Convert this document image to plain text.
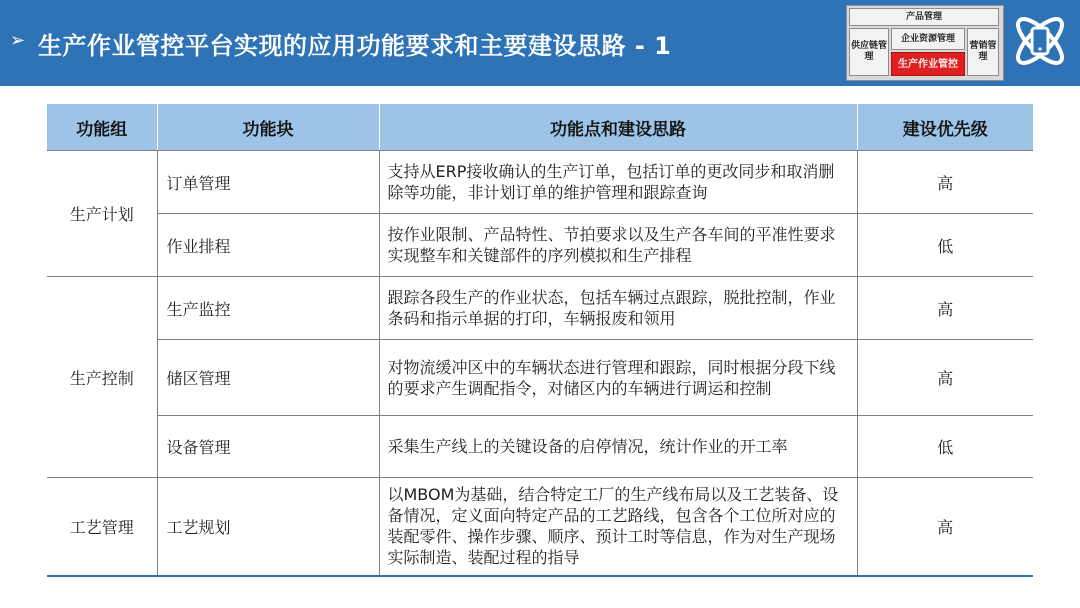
➢ 生产作业管控平台实现的应用功能要求和主要建设思路 - 1
产品管理
供应链管理
企业资源管理
生产作业管控
营销管理
功能组	功能块	功能点和建设思路	建设优先级
生产计划	订单管理	支持从ERP接收确认的生产订单，包括订单的更改同步和取消删除等功能，非计划订单的维护管理和跟踪查询	高
	作业排程	按作业限制、产品特性、节拍要求以及生产各车间的平准性要求实现整车和关键部件的序列模拟和生产排程	低
生产控制	生产监控	跟踪各段生产的作业状态，包括车辆过点跟踪，脱批控制，作业条码和指示单据的打印，车辆报废和领用	高
	储区管理	对物流缓冲区中的车辆状态进行管理和跟踪，同时根据分段下线的要求产生调配指令，对储区内的车辆进行调运和控制	高
	设备管理	采集生产线上的关键设备的启停情况，统计作业的开工率	低
工艺管理	工艺规划	以MBOM为基础，结合特定工厂的生产线布局以及工艺装备、设备情况，定义面向特定产品的工艺路线，包含各个工位所对应的装配零件、操作步骤、顺序、预计工时等信息，作为对生产现场实际制造、装配过程的指导	高
